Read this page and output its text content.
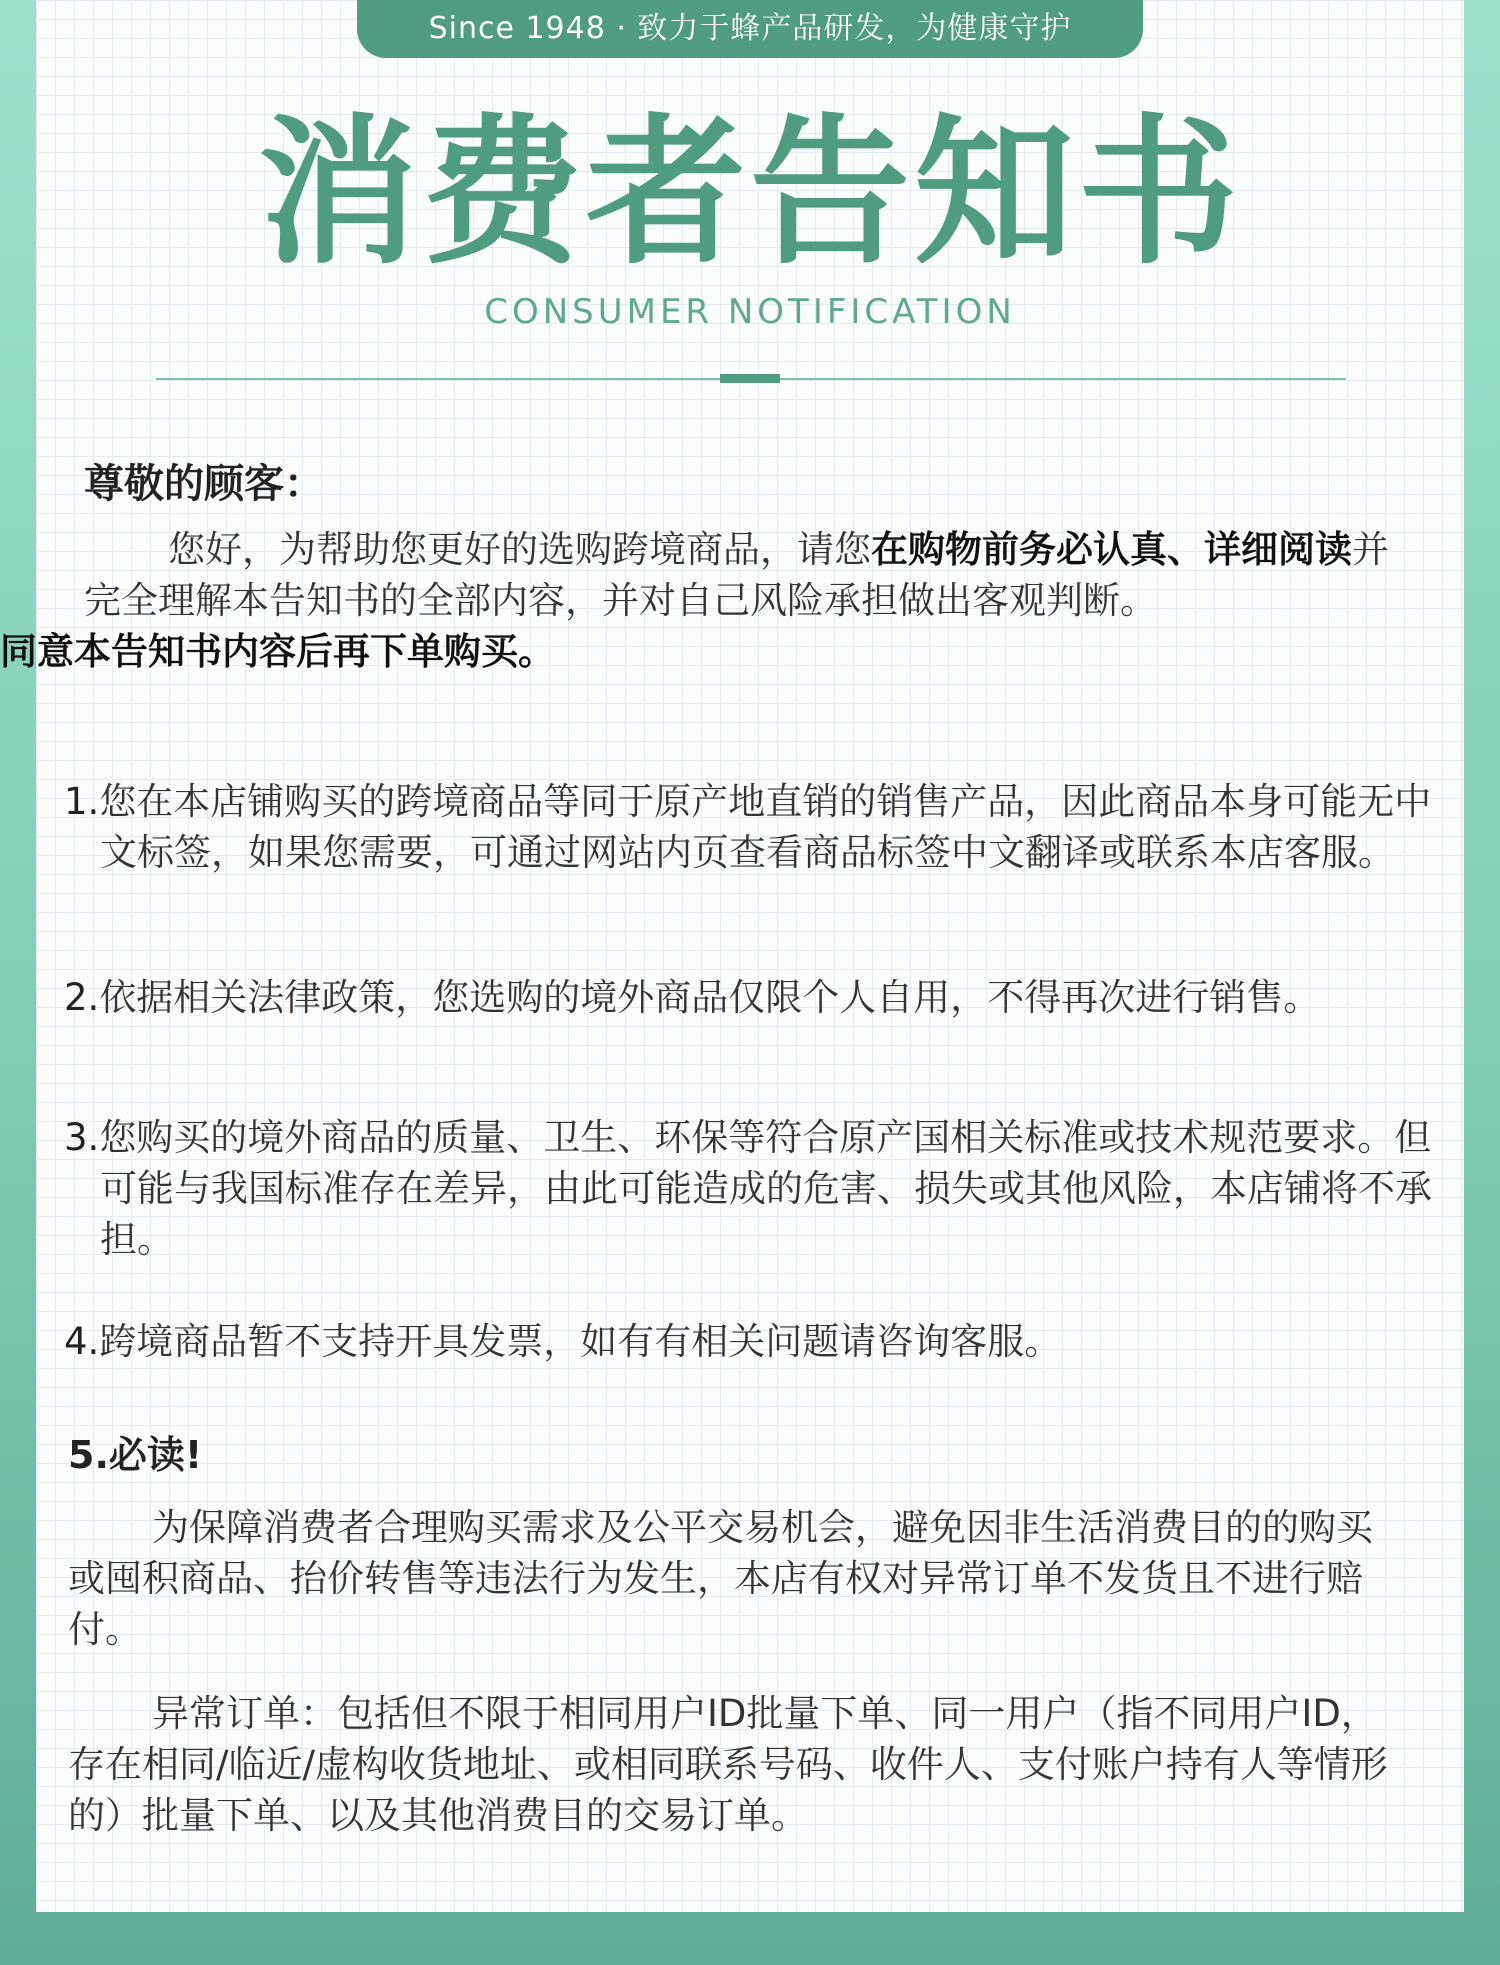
Since 1948 · 致力于蜂产品研发，为健康守护
消费者告知书
CONSUMER NOTIFICATION
尊敬的顾客：
您好，为帮助您更好的选购跨境商品，请您在购物前务必认真、详细阅读并完全理解本告知书的全部内容，并对自己风险承担做出客观判断。
同意本告知书内容后再下单购买。
1.您在本店铺购买的跨境商品等同于原产地直销的销售产品，因此商品本身可能无中文标签，如果您需要，可通过网站内页查看商品标签中文翻译或联系本店客服。
2.依据相关法律政策，您选购的境外商品仅限个人自用，不得再次进行销售。
3.您购买的境外商品的质量、卫生、环保等符合原产国相关标准或技术规范要求。但可能与我国标准存在差异，由此可能造成的危害、损失或其他风险，本店铺将不承担。
4.跨境商品暂不支持开具发票，如有有相关问题请咨询客服。
5.必读!
为保障消费者合理购买需求及公平交易机会，避免因非生活消费目的的购买或囤积商品、抬价转售等违法行为发生，本店有权对异常订单不发货且不进行赔付。
异常订单：包括但不限于相同用户ID批量下单、同一用户（指不同用户ID，存在相同/临近/虚构收货地址、或相同联系号码、收件人、支付账户持有人等情形的）批量下单、以及其他消费目的交易订单。
